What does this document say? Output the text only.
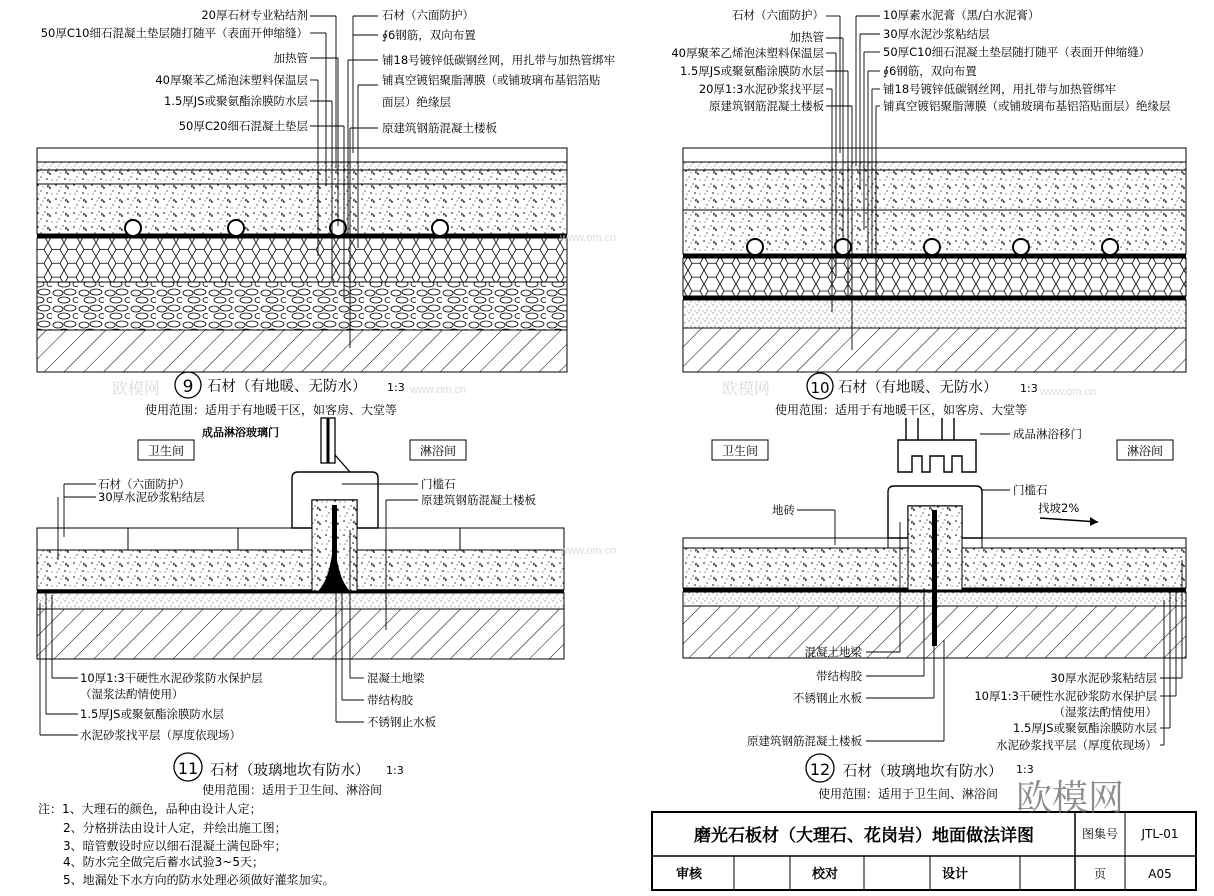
20厚石材专业粘结剂
50厚C10细石混凝土垫层随打随平（表面开伸缩缝）
加热管
40厚聚苯乙烯泡沫塑料保温层
1.5厚JS或聚氨酯涂膜防水层
50厚C20细石混凝土垫层
石材（六面防护）
∮6钢筋，双向布置
铺18号镀锌低碳钢丝网，用扎带与加热管绑牢
铺真空镀铝聚脂薄膜（或铺玻璃布基铝箔贴
面层）绝缘层
原建筑钢筋混凝土楼板
9 石材（有地暖、无防水） 1:3
使用范围：适用于有地暖干区，如客房、大堂等
石材（六面防护）
加热管
40厚聚苯乙烯泡沫塑料保温层
1.5厚JS或聚氨酯涂膜防水层
20厚1:3水泥砂浆找平层
原建筑钢筋混凝土楼板
10厚素水泥膏（黑/白水泥膏）
30厚水泥沙浆粘结层
50厚C10细石混凝土垫层随打随平（表面开伸缩缝）
∮6钢筋，双向布置
铺18号镀锌低碳钢丝网，用扎带与加热管绑牢
铺真空镀铝聚脂薄膜（或铺玻璃布基铝箔贴面层）绝缘层
10 石材（有地暖、无防水） 1:3
使用范围：适用于有地暖干区，如客房、大堂等
成品淋浴玻璃门
卫生间	淋浴间
石材（六面防护）
30厚水泥砂浆粘结层
门槛石
原建筑钢筋混凝土楼板
10厚1:3干硬性水泥砂浆防水保护层
（湿浆法酌情使用）
1.5厚JS或聚氨酯涂膜防水层
水泥砂浆找平层（厚度依现场）
混凝土地梁
带结构胶
不锈钢止水板
11 石材（玻璃地坎有防水） 1:3
使用范围：适用于卫生间、淋浴间
卫生间	淋浴间
找坡2%
成品淋浴移门
门槛石
地砖
混凝土地梁
带结构胶
不锈钢止水板
原建筑钢筋混凝土楼板
30厚水泥砂浆粘结层
10厚1:3干硬性水泥砂浆防水保护层
（湿浆法酌情使用）
1.5厚JS或聚氨酯涂膜防水层
水泥砂浆找平层（厚度依现场）
12 石材（玻璃地坎有防水） 1:3
使用范围：适用于卫生间、淋浴间
注：1、大理石的颜色，品种由设计人定；
2、分格拼法由设计人定，并绘出施工图；
3、暗管敷设时应以细石混凝土满包卧牢；
4、防水完全做完后蓄水试验3~5天；
5、地漏处下水方向的防水处理必须做好灌浆加实。
磨光石板材（大理石、花岗岩）地面做法详图	图集号 JTL-01
审核	校对	设计	页	A05
欧模网
www.om.cn
www.om.cn
www.om.cn	www.om.cn
欧模网	欧模网
